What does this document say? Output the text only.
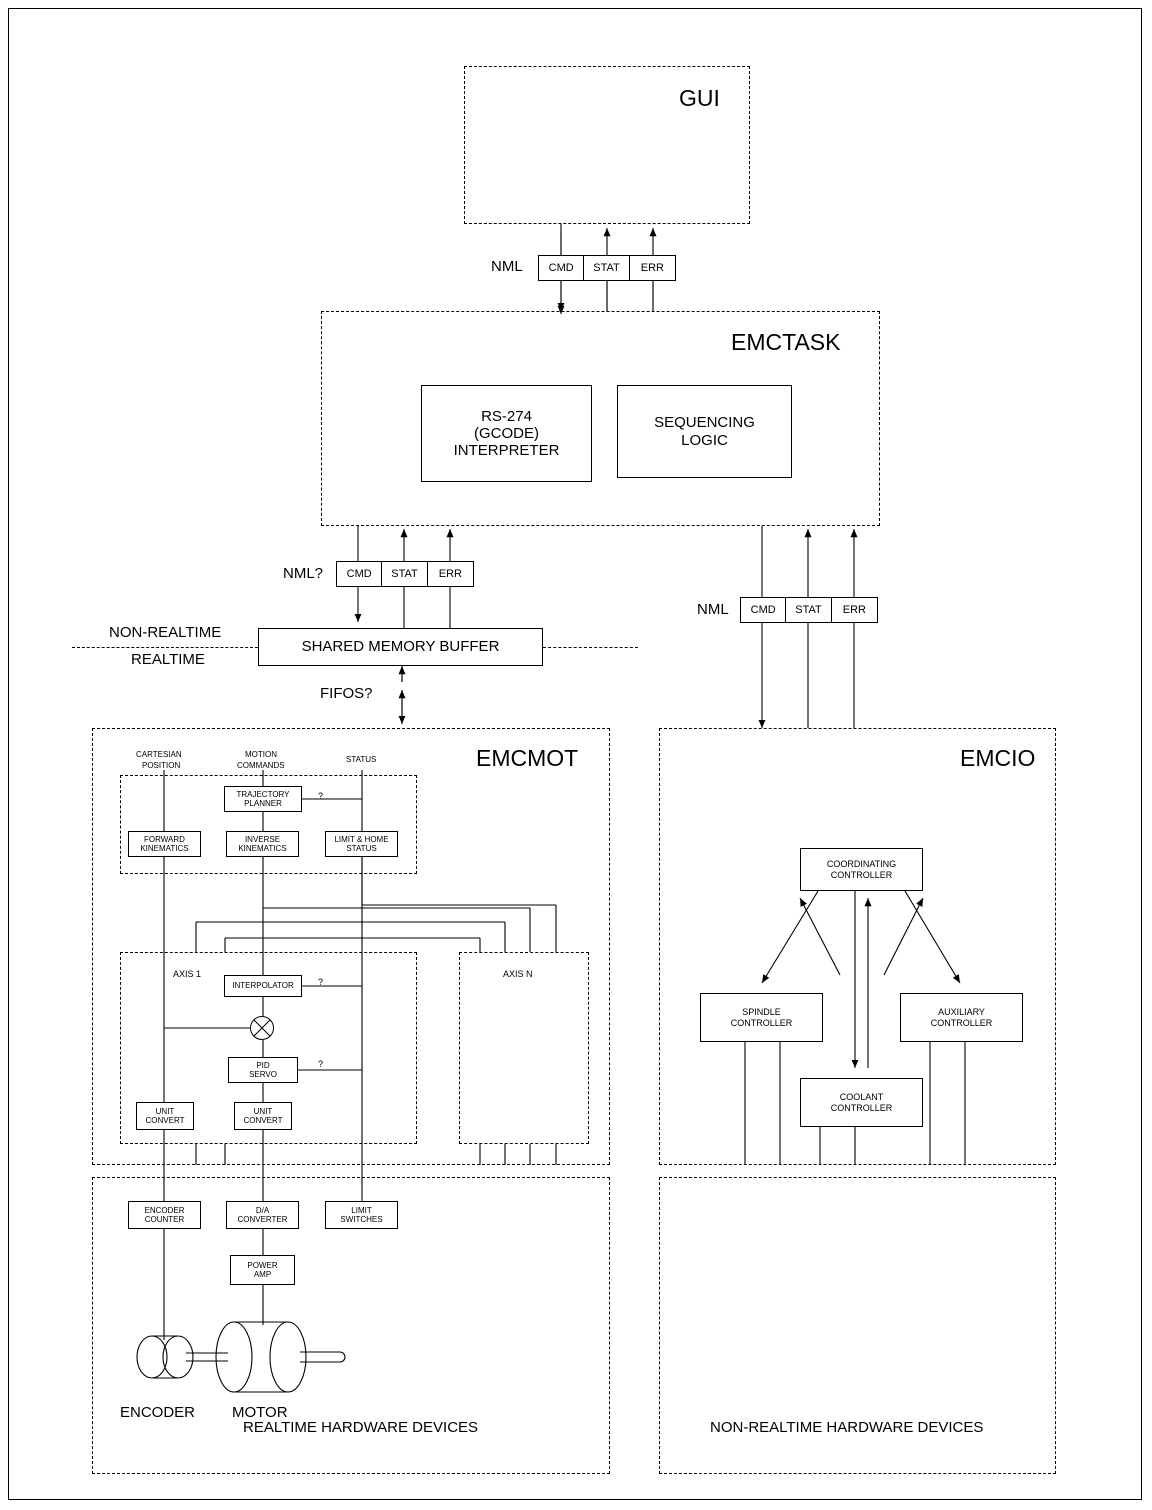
GUI
NML	CMD	STAT	ERR
EMCTASK
RS-274
(GCODE)
INTERPRETER
SEQUENCING
LOGIC
NML?	CMD	STAT	ERR
NML	CMD	STAT	ERR
SHARED MEMORY BUFFER
NON-REALTIME
REALTIME
FIFOS?
EMCMOT
CARTESIAN
POSITION
MOTION
COMMANDS
STATUS
TRAJECTORY
PLANNER
?
FORWARD
KINEMATICS
INVERSE
KINEMATICS
LIMIT & HOME
STATUS
AXIS 1
INTERPOLATOR	?
PID
SERVO
?
UNIT
CONVERT
UNIT
CONVERT
AXIS N
EMCIO
COORDINATING
CONTROLLER
SPINDLE
CONTROLLER
AUXILIARY
CONTROLLER
COOLANT
CONTROLLER
REALTIME HARDWARE DEVICES	NON-REALTIME HARDWARE DEVICES
ENCODER
COUNTER
D/A
CONVERTER
LIMIT
SWITCHES
POWER
AMP
ENCODER MOTOR
